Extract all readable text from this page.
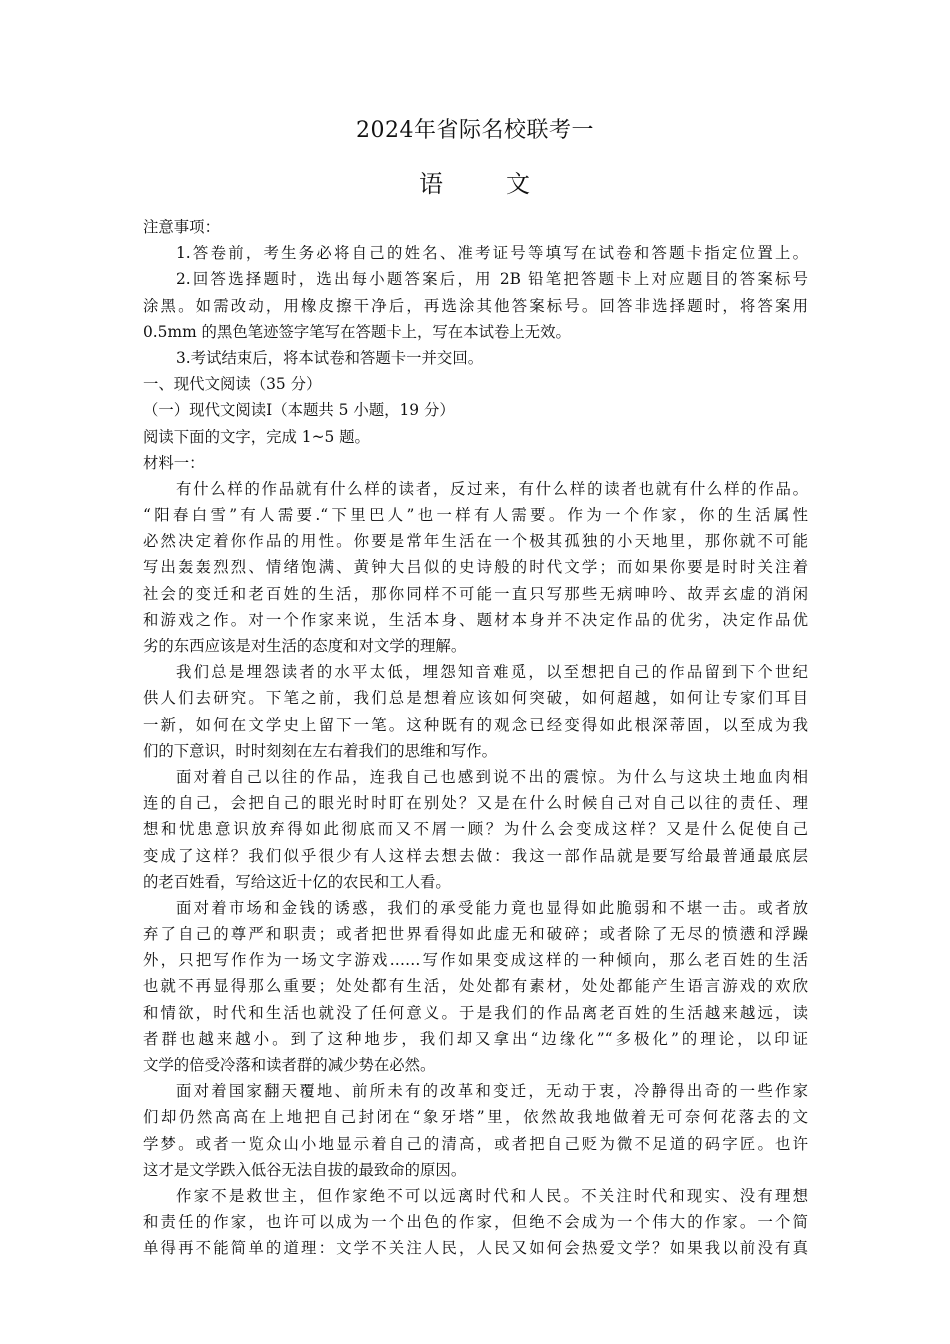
2024年省际名校联考一
语	文
注意事项：
1.答卷前，考生务必将自己的姓名、准考证号等填写在试卷和答题卡指定位置上。
2.回答选择题时，选出每小题答案后，用 2B 铅笔把答题卡上对应题目的答案标号
涂黑。如需改动，用橡皮擦干净后，再选涂其他答案标号。回答非选择题时，将答案用
0.5mm 的黑色笔迹签字笔写在答题卡上，写在本试卷上无效。
3.考试结束后，将本试卷和答题卡一并交回。
一、现代文阅读（35 分）
（一）现代文阅读Ⅰ（本题共 5 小题，19 分）
阅读下面的文字，完成 1~5 题。
材料一：
有什么样的作品就有什么样的读者，反过来，有什么样的读者也就有什么样的作品。
“阳春白雪”有人需要.“下里巴人”也一样有人需要。作为一个作家，你的生活属性
必然决定着你作品的用性。你要是常年生活在一个极其孤独的小天地里，那你就不可能
写出轰轰烈烈、情绪饱满、黄钟大吕似的史诗般的时代文学；而如果你要是时时关注着
社会的变迁和老百姓的生活，那你同样不可能一直只写那些无病呻吟、故弄玄虚的消闲
和游戏之作。对一个作家来说，生活本身、题材本身并不决定作品的优劣，决定作品优
劣的东西应该是对生活的态度和对文学的理解。
我们总是埋怨读者的水平太低，埋怨知音难觅，以至想把自己的作品留到下个世纪
供人们去研究。下笔之前，我们总是想着应该如何突破，如何超越，如何让专家们耳目
一新，如何在文学史上留下一笔。这种既有的观念已经变得如此根深蒂固，以至成为我
们的下意识，时时刻刻在左右着我们的思维和写作。
面对着自己以往的作品，连我自己也感到说不出的震惊。为什么与这块土地血肉相
连的自己，会把自己的眼光时时盯在别处？又是在什么时候自己对自己以往的责任、理
想和忧患意识放弃得如此彻底而又不屑一顾？为什么会变成这样？又是什么促使自己
变成了这样？我们似乎很少有人这样去想去做：我这一部作品就是要写给最普通最底层
的老百姓看，写给这近十亿的农民和工人看。
面对着市场和金钱的诱惑，我们的承受能力竟也显得如此脆弱和不堪一击。或者放
弃了自己的尊严和职责；或者把世界看得如此虚无和破碎；或者除了无尽的愤懑和浮躁
外，只把写作作为一场文字游戏……写作如果变成这样的一种倾向，那么老百姓的生活
也就不再显得那么重要；处处都有生活，处处都有素材，处处都能产生语言游戏的欢欣
和情欲，时代和生活也就没了任何意义。于是我们的作品离老百姓的生活越来越远，读
者群也越来越小。到了这种地步，我们却又拿出“边缘化”“多极化”的理论，以印证
文学的倍受冷落和读者群的减少势在必然。
面对着国家翻天覆地、前所未有的改革和变迁，无动于衷，冷静得出奇的一些作家
们却仍然高高在上地把自己封闭在“象牙塔”里，依然故我地做着无可奈何花落去的文
学梦。或者一览众山小地显示着自己的清高，或者把自己贬为微不足道的码字匠。也许
这才是文学跌入低谷无法自拔的最致命的原因。
作家不是救世主，但作家绝不可以远离时代和人民。不关注时代和现实、没有理想
和责任的作家，也许可以成为一个出色的作家，但绝不会成为一个伟大的作家。一个简
单得再不能简单的道理：文学不关注人民，人民又如何会热爱文学？如果我以前没有真
